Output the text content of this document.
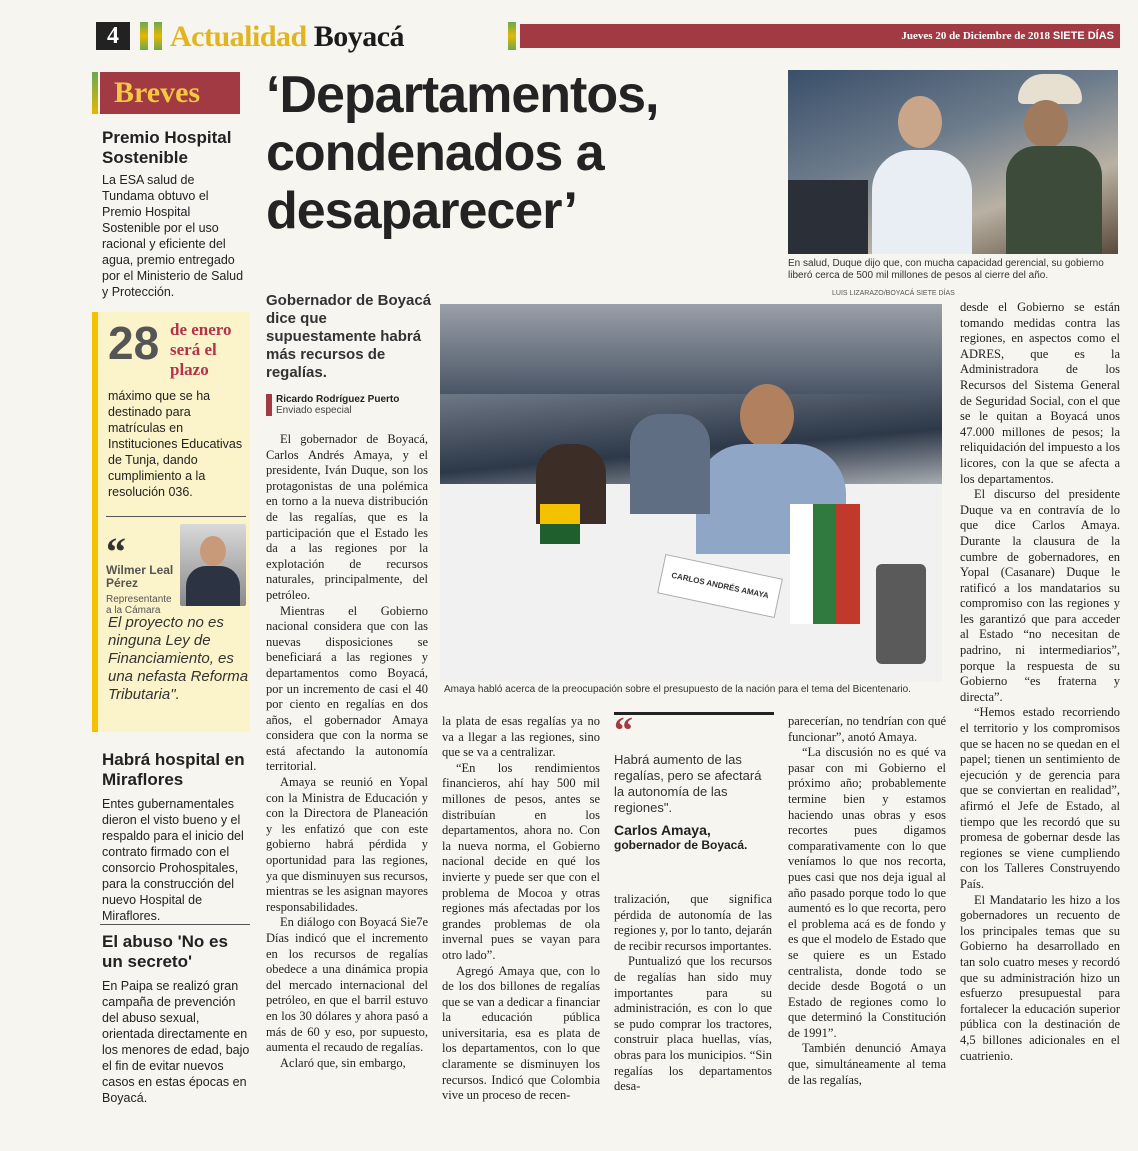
4	Actualidad Boyacá	Jueves 20 de Diciembre de 2018 SIETE DÍAS
Breves
Premio Hospital Sostenible
La ESA salud de Tundama obtuvo el Premio Hospital Sostenible por el uso racional y eficiente del agua, premio entregado por el Ministerio de Salud y Protección.
28 de enero será el plazo
máximo que se ha destinado para matrículas en Instituciones Educativas de Tunja, dando cumplimiento a la resolución 036.
“
Wilmer Leal Pérez
Representante a la Cámara
El proyecto no es ninguna Ley de Financiamiento, es una nefasta Reforma Tributaria".
Habrá hospital en Miraflores
Entes gubernamentales dieron el visto bueno y el respaldo para el inicio del contrato firmado con el consorcio Prohospitales, para la construcción del nuevo Hospital de Miraflores.
El abuso 'No es un secreto'
En Paipa se realizó gran campaña de prevención del abuso sexual, orientada directamente en los menores de edad, bajo el fin de evitar nuevos casos en estas épocas en Boyacá.
‘Departamentos, condenados a desaparecer’
Gobernador de Boyacá dice que supuestamente habrá más recursos de regalías.
Ricardo Rodríguez Puerto
Enviado especial
En salud, Duque dijo que, con mucha capacidad gerencial, su gobierno liberó cerca de 500 mil millones de pesos al cierre del año.
LUIS LIZARAZO/BOYACÁ SIETE DÍAS
CARLOS ANDRÉS AMAYA
Amaya habló acerca de la preocupación sobre el presupuesto de la nación para el tema del Bicentenario.

El gobernador de Boyacá, Carlos Andrés Amaya, y el presidente, Iván Duque, son los protagonistas de una polémica en torno a la nueva distribución de las regalías, que es la participación que el Estado les da a las regiones por la explotación de recursos naturales, principalmente, del petróleo.

Mientras el Gobierno nacional considera que con las nuevas disposiciones se beneficiará a las regiones y departamentos como Boyacá, por un incremento de casi el 40 por ciento en regalías en dos años, el gobernador Amaya considera que con la norma se está afectando la autonomía territorial.

Amaya se reunió en Yopal con la Ministra de Educación y con la Directora de Planeación y les enfatizó que con este gobierno habrá pérdida y oportunidad para las regiones, ya que disminuyen sus recursos, mientras se les asignan mayores responsabilidades.

En diálogo con Boyacá Sie7e Días indicó que el incremento en los recursos de regalías obedece a una dinámica propia del mercado internacional del petróleo, en que el barril estuvo en los 30 dólares y ahora pasó a más de 60 y eso, por supuesto, aumenta el recaudo de regalías.

Aclaró que, sin embargo,

la plata de esas regalías ya no va a llegar a las regiones, sino que se va a centralizar.

“En los rendimientos financieros, ahí hay 500 mil millones de pesos, antes se distribuían en los departamentos, ahora no. Con la nueva norma, el Gobierno nacional decide en qué los invierte y puede ser que con el problema de Mocoa y otras regiones más afectadas por los grandes problemas de ola invernal pues se vayan para otro lado”.

Agregó Amaya que, con lo de los dos billones de regalías que se van a dedicar a financiar la educación pública universitaria, esa es plata de los departamentos, con lo que claramente se disminuyen los recursos. Indicó que Colombia vive un proceso de recen-

“
Habrá aumento de las regalías, pero se afectará la autonomía de las regiones".
Carlos Amaya,
gobernador de Boyacá.

tralización, que significa pérdida de autonomía de las regiones y, por lo tanto, dejarán de recibir recursos importantes.

Puntualizó que los recursos de regalías han sido muy importantes para su administración, es con lo que se pudo comprar los tractores, construir placa huellas, vías, obras para los municipios. “Sin regalías los departamentos desa-

parecerían, no tendrían con qué funcionar”, anotó Amaya.

“La discusión no es qué va pasar con mi Gobierno el próximo año; probablemente termine bien y estamos haciendo unas obras y esos recortes pues digamos comparativamente con lo que veníamos lo que nos recorta, pues casi que nos deja igual al año pasado porque todo lo que aumentó es lo que recorta, pero el problema acá es de fondo y es que el modelo de Estado que se quiere es un Estado centralista, donde todo se decide desde Bogotá o un Estado de regiones como lo que determinó la Constitución de 1991”.

También denunció Amaya que, simultáneamente al tema de las regalías,

desde el Gobierno se están tomando medidas contra las regiones, en aspectos como el ADRES, que es la Administradora de los Recursos del Sistema General de Seguridad Social, con el que se le quitan a Boyacá unos 47.000 millones de pesos; la reliquidación del impuesto a los licores, con la que se afecta a los departamentos.

El discurso del presidente Duque va en contravía de lo que dice Carlos Amaya. Durante la clausura de la cumbre de gobernadores, en Yopal (Casanare) Duque le ratificó a los mandatarios su compromiso con las regiones y les garantizó que para acceder al Estado “no necesitan de padrino, ni intermediarios”, porque la respuesta de su Gobierno “es fraterna y directa”.

“Hemos estado recorriendo el territorio y los compromisos que se hacen no se quedan en el papel; tienen un sentimiento de ejecución y de gerencia para que se conviertan en realidad”, afirmó el Jefe de Estado, al tiempo que les recordó que su promesa de gobernar desde las regiones se viene cumpliendo con los Talleres Construyendo País.

El Mandatario les hizo a los gobernadores un recuento de los principales temas que su Gobierno ha desarrollado en tan solo cuatro meses y recordó que su administración hizo un esfuerzo presupuestal para fortalecer la educación superior pública con la destinación de 4,5 billones adicionales en el cuatrienio.
